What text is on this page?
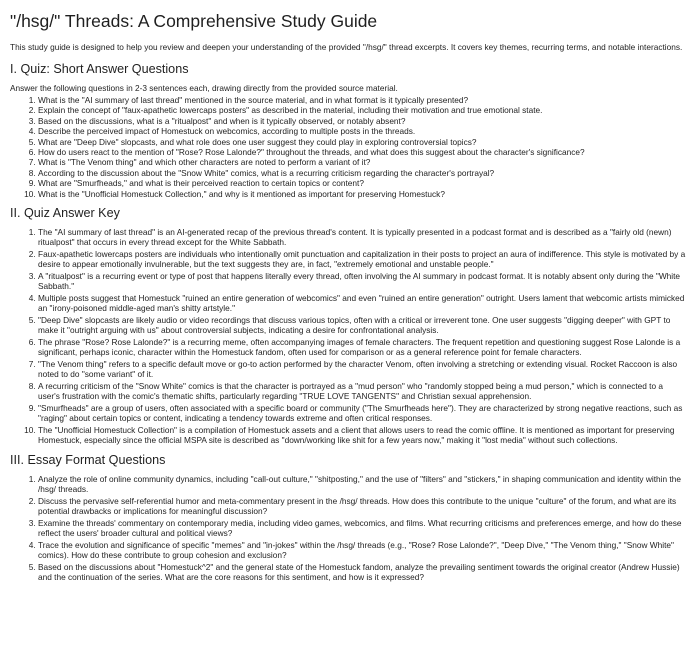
"/hsg/" Threads: A Comprehensive Study Guide

This study guide is designed to help you review and deepen your understanding of the provided "/hsg/" thread excerpts. It covers key themes, recurring terms, and notable interactions.

I. Quiz: Short Answer Questions

Answer the following questions in 2-3 sentences each, drawing directly from the provided source material.

1. What is the "AI summary of last thread" mentioned in the source material, and in what format is it typically presented?
2. Explain the concept of "faux-apathetic lowercaps posters" as described in the material, including their motivation and true emotional state.
3. Based on the discussions, what is a "ritualpost" and when is it typically observed, or notably absent?
4. Describe the perceived impact of Homestuck on webcomics, according to multiple posts in the threads.
5. What are "Deep Dive" slopcasts, and what role does one user suggest they could play in exploring controversial topics?
6. How do users react to the mention of "Rose? Rose Lalonde?" throughout the threads, and what does this suggest about the character's significance?
7. What is "The Venom thing" and which other characters are noted to perform a variant of it?
8. According to the discussion about the "Snow White" comics, what is a recurring criticism regarding the character's portrayal?
9. What are "Smurfheads," and what is their perceived reaction to certain topics or content?
10. What is the "Unofficial Homestuck Collection," and why is it mentioned as important for preserving Homestuck?
II. Quiz Answer Key
1. The "AI summary of last thread" is an AI-generated recap of the previous thread's content. It is typically presented in a podcast format and is described as a "fairly old (newn) ritualpost" that occurs in every thread except for the White Sabbath.
2. Faux-apathetic lowercaps posters are individuals who intentionally omit punctuation and capitalization in their posts to project an aura of indifference. This style is motivated by a desire to appear emotionally invulnerable, but the text suggests they are, in fact, "extremely emotional and unstable people."
3. A "ritualpost" is a recurring event or type of post that happens literally every thread, often involving the AI summary in podcast format. It is notably absent only during the "White Sabbath."
4. Multiple posts suggest that Homestuck "ruined an entire generation of webcomics" and even "ruined an entire generation" outright. Users lament that webcomic artists mimicked an "irony-poisoned middle-aged man's shitty artstyle."
5. "Deep Dive" slopcasts are likely audio or video recordings that discuss various topics, often with a critical or irreverent tone. One user suggests "digging deeper" with GPT to make it "outright arguing with us" about controversial subjects, indicating a desire for confrontational analysis.
6. The phrase "Rose? Rose Lalonde?" is a recurring meme, often accompanying images of female characters. The frequent repetition and questioning suggest Rose Lalonde is a significant, perhaps iconic, character within the Homestuck fandom, often used for comparison or as a general reference point for female characters.
7. "The Venom thing" refers to a specific default move or go-to action performed by the character Venom, often involving a stretching or extending visual. Rocket Raccoon is also noted to do "some variant" of it.
8. A recurring criticism of the "Snow White" comics is that the character is portrayed as a "mud person" who "randomly stopped being a mud person," which is connected to a user's frustration with the comic's thematic shifts, particularly regarding "TRUE LOVE TANGENTS" and Christian sexual apprehension.
9. "Smurfheads" are a group of users, often associated with a specific board or community ("The Smurfheads here"). They are characterized by strong negative reactions, such as "raging" about certain topics or content, indicating a tendency towards extreme and often critical responses.
10. The "Unofficial Homestuck Collection" is a compilation of Homestuck assets and a client that allows users to read the comic offline. It is mentioned as important for preserving Homestuck, especially since the official MSPA site is described as "down/working like shit for a few years now," making it "lost media" without such collections.
III. Essay Format Questions
1. Analyze the role of online community dynamics, including "call-out culture," "shitposting," and the use of "filters" and "stickers," in shaping communication and identity within the /hsg/ threads.
2. Discuss the pervasive self-referential humor and meta-commentary present in the /hsg/ threads. How does this contribute to the unique "culture" of the forum, and what are its potential drawbacks or implications for meaningful discussion?
3. Examine the threads' commentary on contemporary media, including video games, webcomics, and films. What recurring criticisms and preferences emerge, and how do these reflect the users' broader cultural and political views?
4. Trace the evolution and significance of specific "memes" and "in-jokes" within the /hsg/ threads (e.g., "Rose? Rose Lalonde?", "Deep Dive," "The Venom thing," "Snow White" comics). How do these contribute to group cohesion and exclusion?
5. Based on the discussions about "Homestuck^2" and the general state of the Homestuck fandom, analyze the prevailing sentiment towards the original creator (Andrew Hussie) and the continuation of the series. What are the core reasons for this sentiment, and how is it expressed?
